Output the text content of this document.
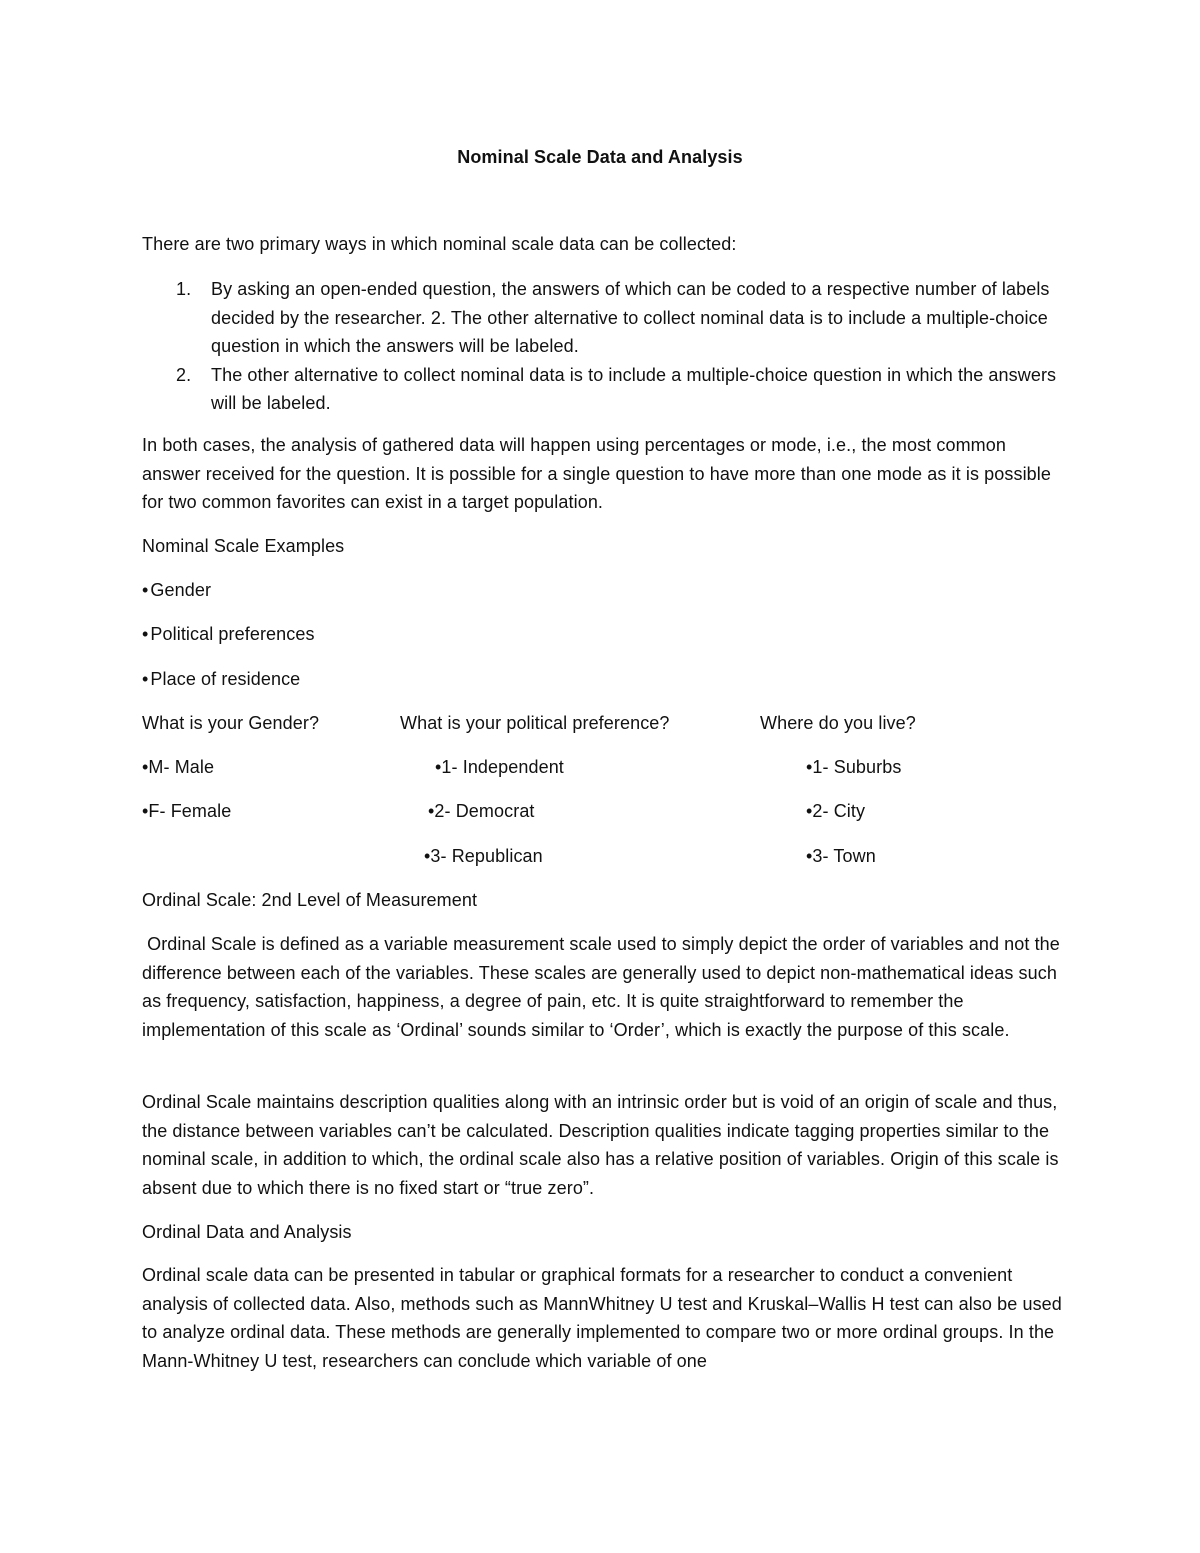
Nominal Scale Data and Analysis
There are two primary ways in which nominal scale data can be collected:
1. By asking an open-ended question, the answers of which can be coded to a respective number of labels decided by the researcher. 2. The other alternative to collect nominal data is to include a multiple-choice question in which the answers will be labeled.
2. The other alternative to collect nominal data is to include a multiple-choice question in which the answers will be labeled.
In both cases, the analysis of gathered data will happen using percentages or mode, i.e., the most common answer received for the question. It is possible for a single question to have more than one mode as it is possible for two common favorites can exist in a target population.
Nominal Scale Examples
• Gender
• Political preferences
• Place of residence
What is your Gender?	What is your political preference?	Where do you live?
•M- Male
•F- Female
•1- Independent
•2- Democrat
•3- Republican
•1- Suburbs
•2- City
•3- Town
Ordinal Scale: 2nd Level of Measurement
Ordinal Scale is defined as a variable measurement scale used to simply depict the order of variables and not the difference between each of the variables. These scales are generally used to depict non-mathematical ideas such as frequency, satisfaction, happiness, a degree of pain, etc. It is quite straightforward to remember the implementation of this scale as ‘Ordinal’ sounds similar to ‘Order’, which is exactly the purpose of this scale.
Ordinal Scale maintains description qualities along with an intrinsic order but is void of an origin of scale and thus, the distance between variables can’t be calculated. Description qualities indicate tagging properties similar to the nominal scale, in addition to which, the ordinal scale also has a relative position of variables. Origin of this scale is absent due to which there is no fixed start or “true zero”.
Ordinal Data and Analysis
Ordinal scale data can be presented in tabular or graphical formats for a researcher to conduct a convenient analysis of collected data. Also, methods such as MannWhitney U test and Kruskal–Wallis H test can also be used to analyze ordinal data. These methods are generally implemented to compare two or more ordinal groups. In the Mann-Whitney U test, researchers can conclude which variable of one
